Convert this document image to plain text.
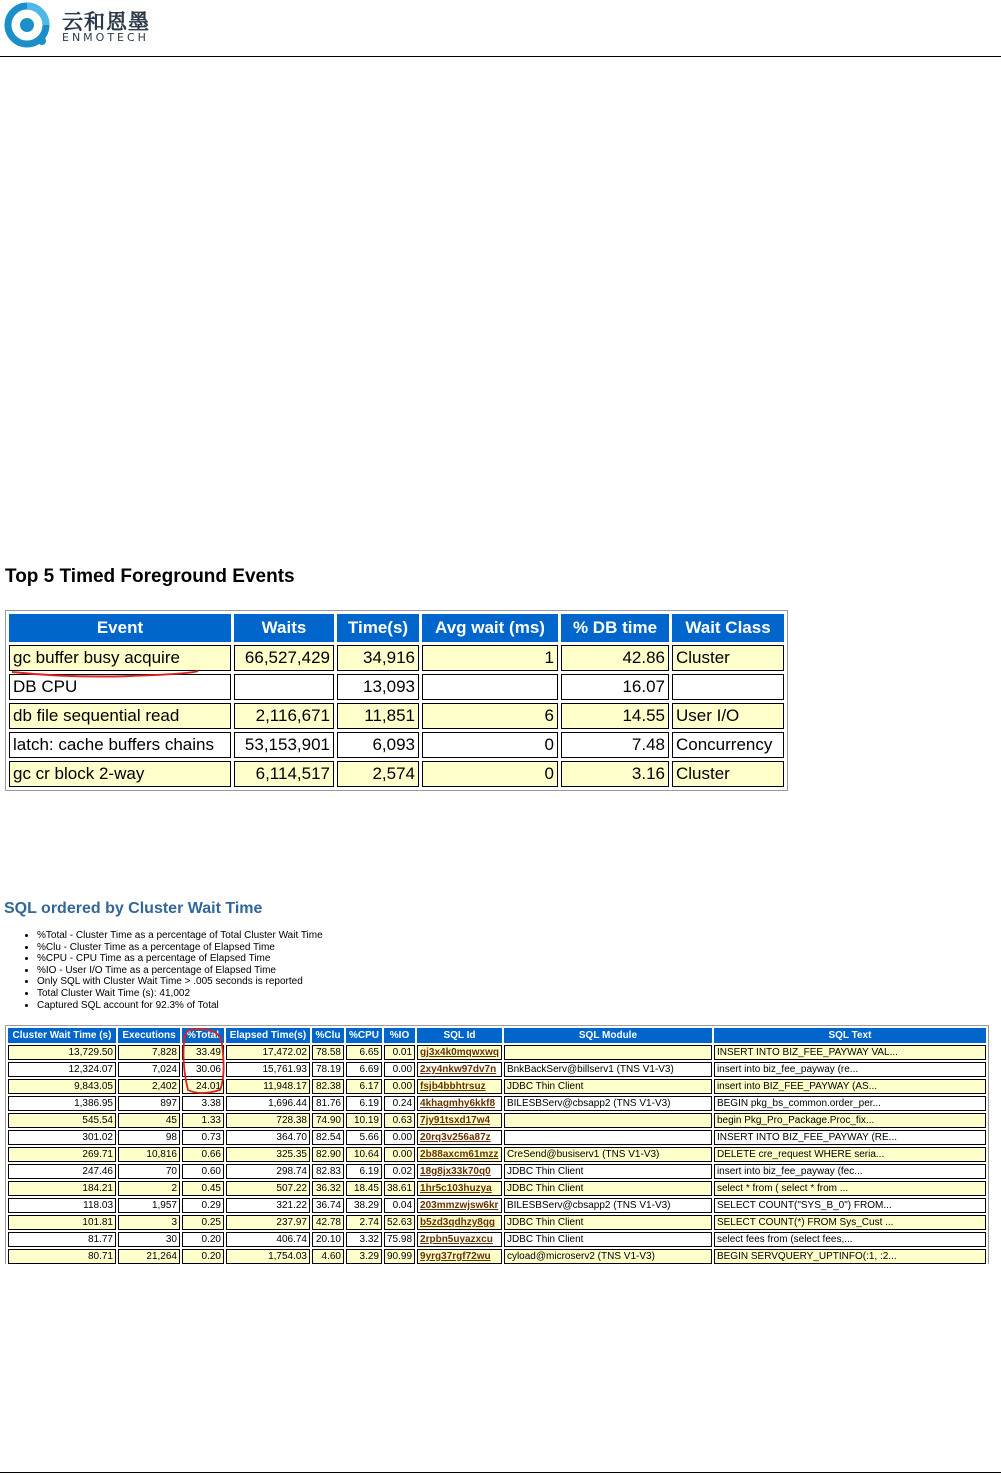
云和恩墨
ENMOTECH
Top 5 Timed Foreground Events
Event	Waits	Time(s)	Avg wait (ms)	% DB time	Wait Class
gc buffer busy acquire	66,527,429	34,916	1	42.86	Cluster
DB CPU		13,093		16.07	
db file sequential read	2,116,671	11,851	6	14.55	User I/O
latch: cache buffers chains	53,153,901	6,093	0	7.48	Concurrency
gc cr block 2-way	6,114,517	2,574	0	3.16	Cluster
SQL ordered by Cluster Wait Time
• %Total - Cluster Time as a percentage of Total Cluster Wait Time
• %Clu - Cluster Time as a percentage of Elapsed Time
• %CPU - CPU Time as a percentage of Elapsed Time
• %IO - User I/O Time as a percentage of Elapsed Time
• Only SQL with Cluster Wait Time > .005 seconds is reported
• Total Cluster Wait Time (s): 41,002
• Captured SQL account for 92.3% of Total
Cluster Wait Time (s)	Executions	%Total	Elapsed Time(s)	%Clu	%CPU	%IO	SQL Id	SQL Module	SQL Text
13,729.50	7,828	33.49	17,472.02	78.58	6.65	0.01	gj3x4k0mqwxwq		INSERT INTO BIZ_FEE_PAYWAY VAL...
12,324.07	7,024	30.06	15,761.93	78.19	6.69	0.00	2xy4nkw97dv7n	BnkBackServ@billserv1 (TNS V1-V3)	insert into biz_fee_payway (re...
9,843.05	2,402	24.01	11,948.17	82.38	6.17	0.00	fsjb4bbhtrsuz	JDBC Thin Client	insert into BIZ_FEE_PAYWAY (AS...
1,386.95	897	3.38	1,696.44	81.76	6.19	0.24	4khagmhy6kkf8	BILESBServ@cbsapp2 (TNS V1-V3)	BEGIN pkg_bs_common.order_per...
545.54	45	1.33	728.38	74.90	10.19	0.63	7jy91tsxd17w4		begin Pkg_Pro_Package.Proc_fix...
301.02	98	0.73	364.70	82.54	5.66	0.00	20rq3v256a87z		INSERT INTO BIZ_FEE_PAYWAY (RE...
269.71	10,816	0.66	325.35	82.90	10.64	0.00	2b88axcm61mzz	CreSend@busiserv1 (TNS V1-V3)	DELETE cre_request WHERE seria...
247.46	70	0.60	298.74	82.83	6.19	0.02	18g8jx33k70q0	JDBC Thin Client	insert into biz_fee_payway (fec...
184.21	2	0.45	507.22	36.32	18.45	38.61	1hr5c103huzya	JDBC Thin Client	select * from ( select * from ...
118.03	1,957	0.29	321.22	36.74	38.29	0.04	203mmzwjsw6kr	BILESBServ@cbsapp2 (TNS V1-V3)	SELECT COUNT("SYS_B_0") FROM...
101.81	3	0.25	237.97	42.78	2.74	52.63	b5zd3qdhzy8gg	JDBC Thin Client	SELECT COUNT(*) FROM Sys_Cust ...
81.77	30	0.20	406.74	20.10	3.32	75.98	2rpbn5uyazxcu	JDBC Thin Client	select fees from (select fees,...
80.71	21,264	0.20	1,754.03	4.60	3.29	90.99	9yrg37rgf72wu	cyload@microserv2 (TNS V1-V3)	BEGIN SERVQUERY_UPTINFO(:1, :2...
